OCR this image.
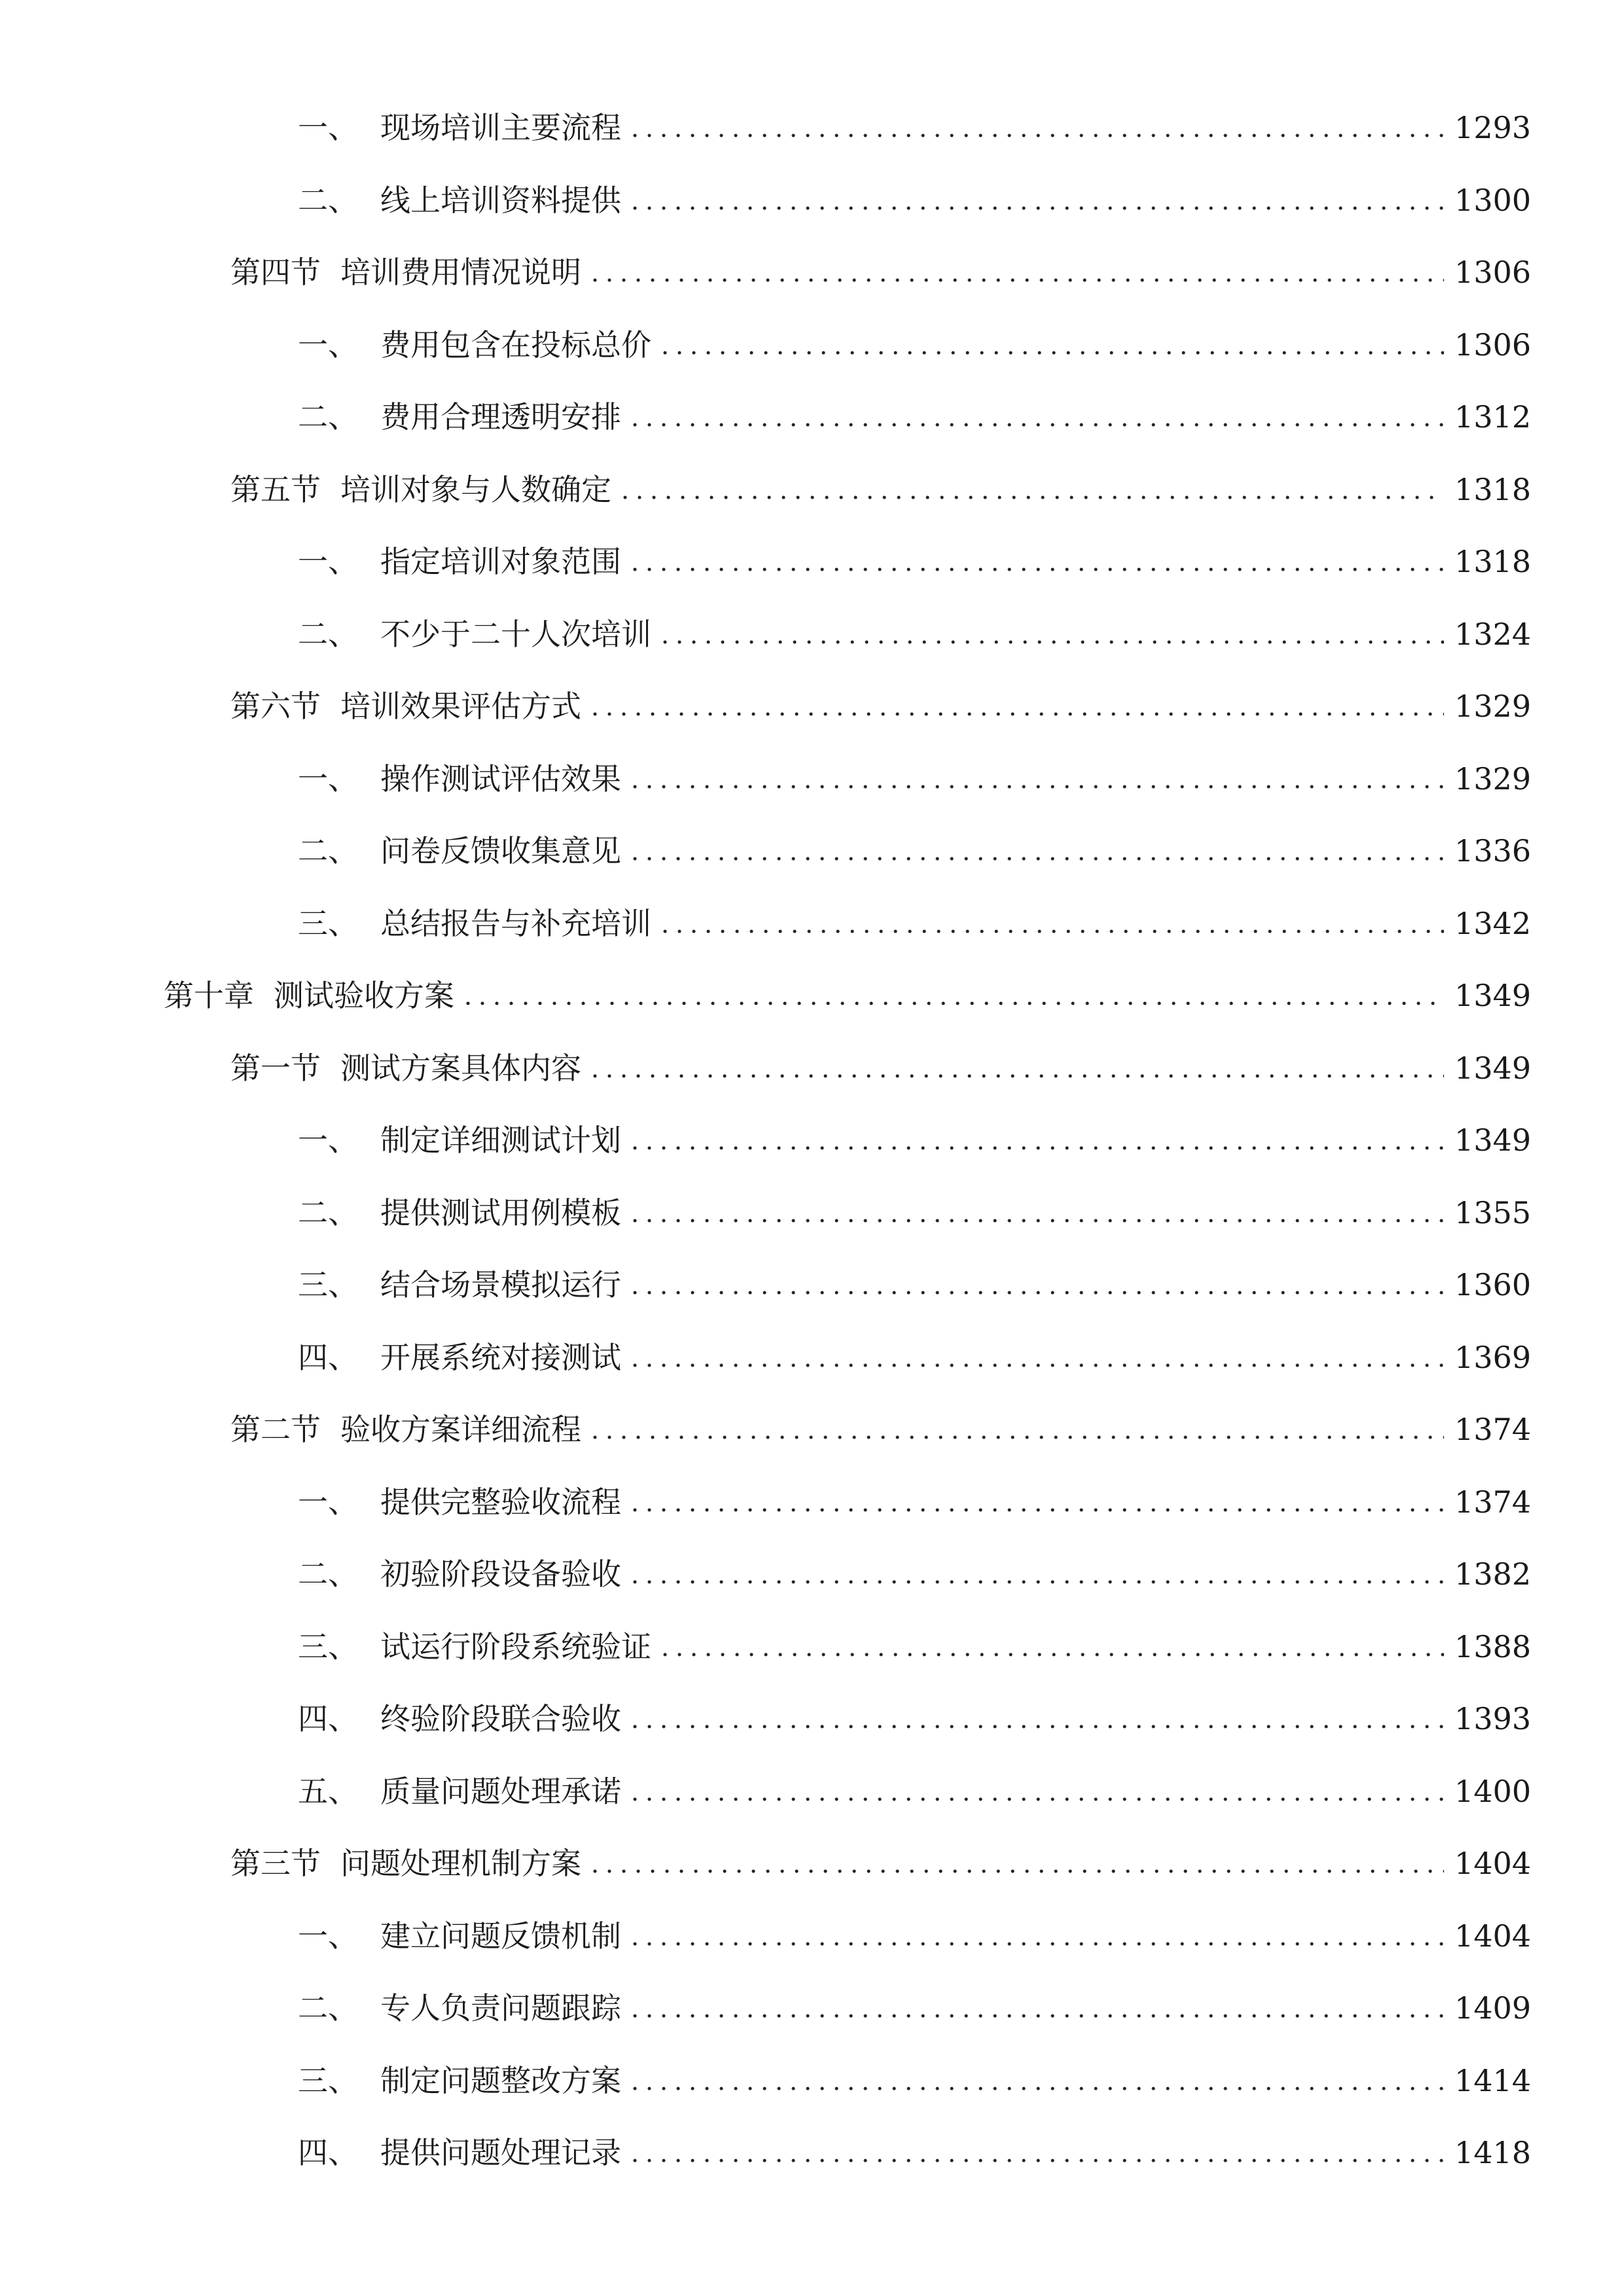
一、 现场培训主要流程	1293
二、 线上培训资料提供	1300
第四节 培训费用情况说明	1306
一、 费用包含在投标总价	1306
二、 费用合理透明安排	1312
第五节 培训对象与人数确定	1318
一、 指定培训对象范围	1318
二、 不少于二十人次培训	1324
第六节 培训效果评估方式	1329
一、 操作测试评估效果	1329
二、 问卷反馈收集意见	1336
三、 总结报告与补充培训	1342
第十章 测试验收方案	1349
第一节 测试方案具体内容	1349
一、 制定详细测试计划	1349
二、 提供测试用例模板	1355
三、 结合场景模拟运行	1360
四、 开展系统对接测试	1369
第二节 验收方案详细流程	1374
一、 提供完整验收流程	1374
二、 初验阶段设备验收	1382
三、 试运行阶段系统验证	1388
四、 终验阶段联合验收	1393
五、 质量问题处理承诺	1400
第三节 问题处理机制方案	1404
一、 建立问题反馈机制	1404
二、 专人负责问题跟踪	1409
三、 制定问题整改方案	1414
四、 提供问题处理记录	1418
